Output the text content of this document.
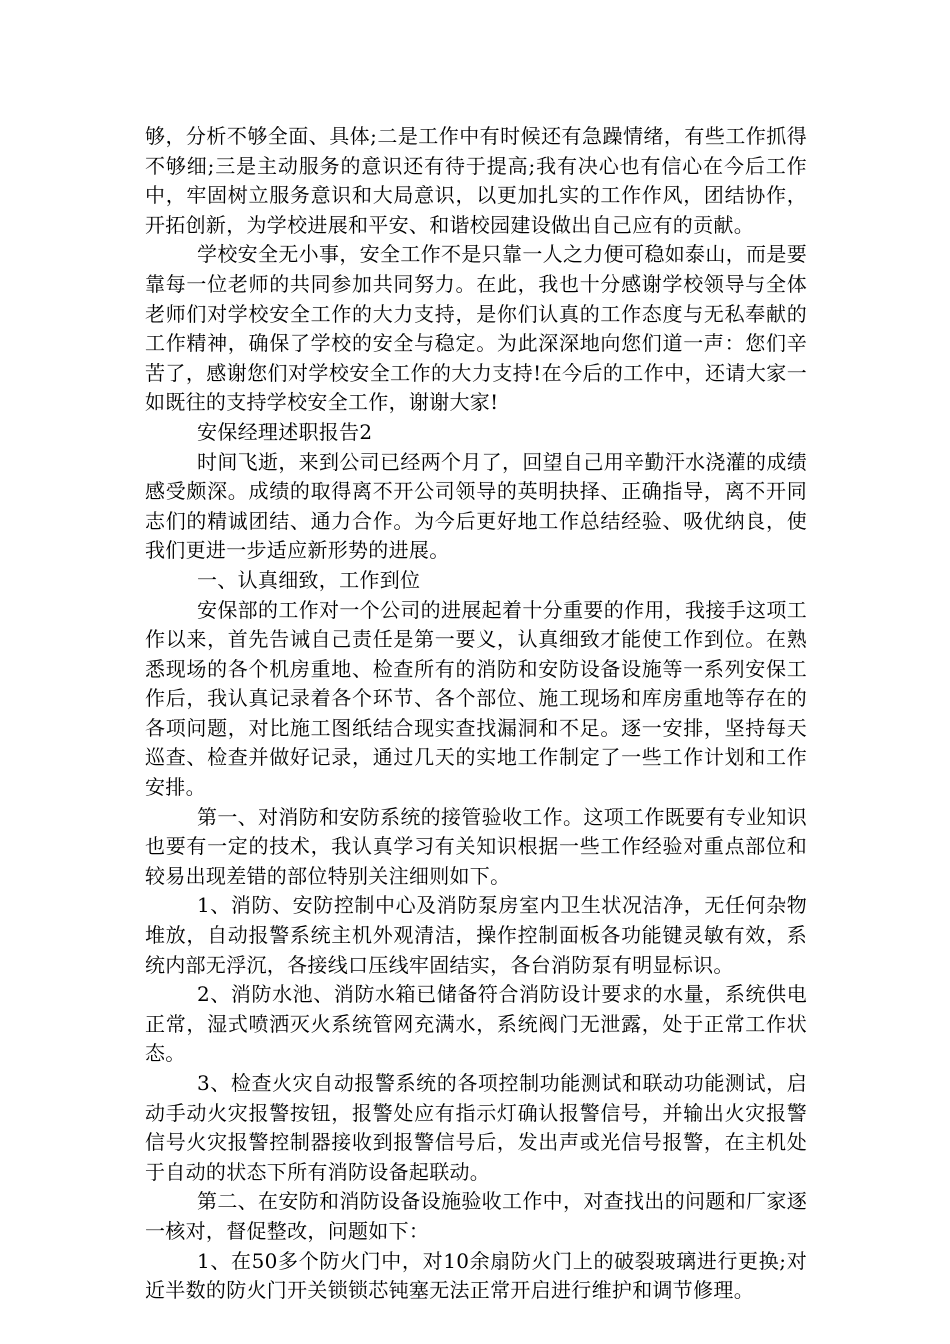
够，分析不够全面、具体;二是工作中有时候还有急躁情绪，有些工作抓得不够细;三是主动服务的意识还有待于提高;我有决心也有信心在今后工作中，牢固树立服务意识和大局意识，以更加扎实的工作作风，团结协作，开拓创新，为学校进展和平安、和谐校园建设做出自己应有的贡献。

学校安全无小事，安全工作不是只靠一人之力便可稳如泰山，而是要靠每一位老师的共同参加共同努力。在此，我也十分感谢学校领导与全体老师们对学校安全工作的大力支持，是你们认真的工作态度与无私奉献的工作精神，确保了学校的安全与稳定。为此深深地向您们道一声：您们辛苦了，感谢您们对学校安全工作的大力支持!在今后的工作中，还请大家一如既往的支持学校安全工作，谢谢大家!

安保经理述职报告2

时间飞逝，来到公司已经两个月了，回望自己用辛勤汗水浇灌的成绩感受颇深。成绩的取得离不开公司领导的英明抉择、正确指导，离不开同志们的精诚团结、通力合作。为今后更好地工作总结经验、吸优纳良，使我们更进一步适应新形势的进展。

一、认真细致，工作到位

安保部的工作对一个公司的进展起着十分重要的作用，我接手这项工作以来，首先告诫自己责任是第一要义，认真细致才能使工作到位。在熟悉现场的各个机房重地、检查所有的消防和安防设备设施等一系列安保工作后，我认真记录着各个环节、各个部位、施工现场和库房重地等存在的各项问题，对比施工图纸结合现实查找漏洞和不足。逐一安排，坚持每天巡查、检查并做好记录，通过几天的实地工作制定了一些工作计划和工作安排。

第一、对消防和安防系统的接管验收工作。这项工作既要有专业知识也要有一定的技术，我认真学习有关知识根据一些工作经验对重点部位和较易出现差错的部位特别关注细则如下。

1、消防、安防控制中心及消防泵房室内卫生状况洁净，无任何杂物堆放，自动报警系统主机外观清洁，操作控制面板各功能键灵敏有效，系统内部无浮沉，各接线口压线牢固结实，各台消防泵有明显标识。

2、消防水池、消防水箱已储备符合消防设计要求的水量，系统供电正常，湿式喷洒灭火系统管网充满水，系统阀门无泄露，处于正常工作状态。

3、检查火灾自动报警系统的各项控制功能测试和联动功能测试，启动手动火灾报警按钮，报警处应有指示灯确认报警信号，并输出火灾报警信号火灾报警控制器接收到报警信号后，发出声或光信号报警，在主机处于自动的状态下所有消防设备起联动。

第二、在安防和消防设备设施验收工作中，对查找出的问题和厂家逐一核对，督促整改，问题如下：

1、在50多个防火门中，对10余扇防火门上的破裂玻璃进行更换;对近半数的防火门开关锁锁芯钝塞无法正常开启进行维护和调节修理。
